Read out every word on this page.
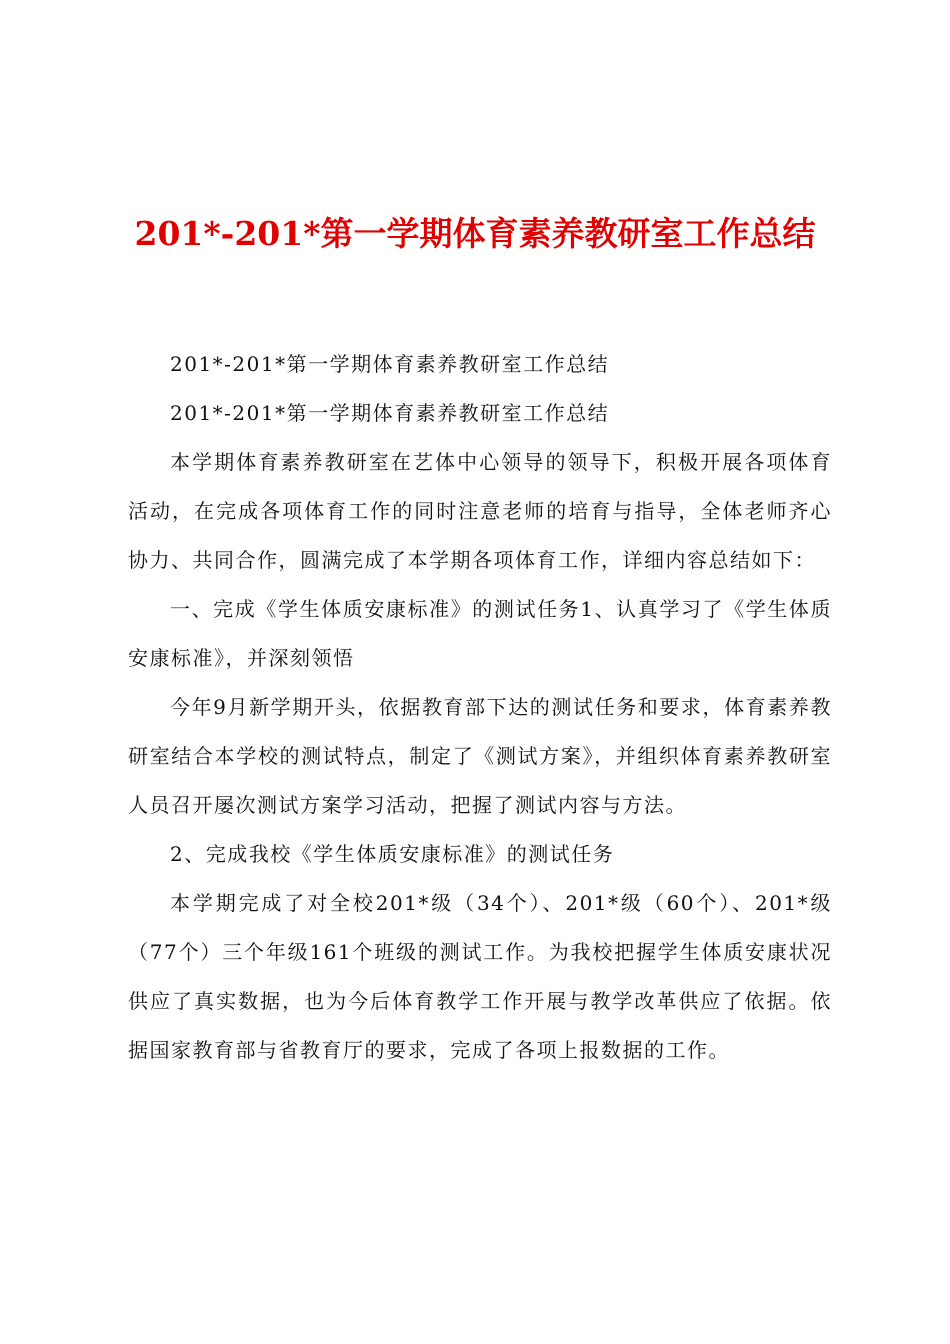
201*-201*第一学期体育素养教研室工作总结

201*-201*第一学期体育素养教研室工作总结

201*-201*第一学期体育素养教研室工作总结

本学期体育素养教研室在艺体中心领导的领导下，积极开展各项体育活动，在完成各项体育工作的同时注意老师的培育与指导，全体老师齐心协力、共同合作，圆满完成了本学期各项体育工作，详细内容总结如下：

一、完成《学生体质安康标准》的测试任务1、认真学习了《学生体质安康标准》，并深刻领悟

今年9月新学期开头，依据教育部下达的测试任务和要求，体育素养教研室结合本学校的测试特点，制定了《测试方案》，并组织体育素养教研室人员召开屡次测试方案学习活动，把握了测试内容与方法。

2、完成我校《学生体质安康标准》的测试任务

本学期完成了对全校201*级（34个）、201*级（60个）、201*级（77个）三个年级161个班级的测试工作。为我校把握学生体质安康状况供应了真实数据，也为今后体育教学工作开展与教学改革供应了依据。依据国家教育部与省教育厅的要求，完成了各项上报数据的工作。
